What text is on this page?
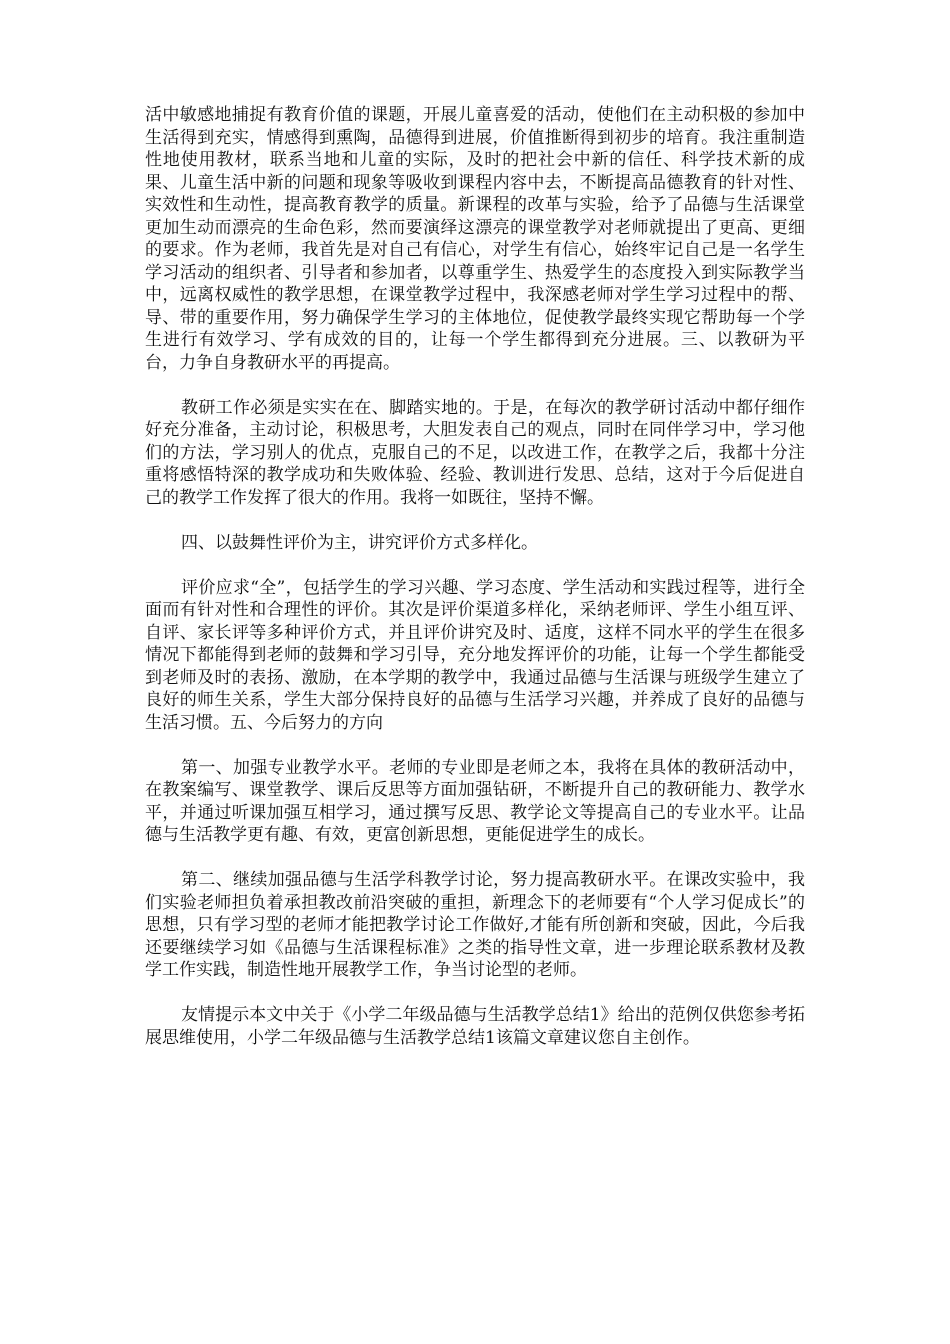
活中敏感地捕捉有教育价值的课题，开展儿童喜爱的活动，使他们在主动积极的参加中生活得到充实，情感得到熏陶，品德得到进展，价值推断得到初步的培育。我注重制造性地使用教材，联系当地和儿童的实际，及时的把社会中新的信任、科学技术新的成果、儿童生活中新的问题和现象等吸收到课程内容中去，不断提高品德教育的针对性、实效性和生动性，提高教育教学的质量。新课程的改革与实验，给予了品德与生活课堂更加生动而漂亮的生命色彩，然而要演绎这漂亮的课堂教学对老师就提出了更高、更细的要求。作为老师，我首先是对自己有信心，对学生有信心，始终牢记自己是一名学生学习活动的组织者、引导者和参加者，以尊重学生、热爱学生的态度投入到实际教学当中，远离权威性的教学思想，在课堂教学过程中，我深感老师对学生学习过程中的帮、导、带的重要作用，努力确保学生学习的主体地位，促使教学最终实现它帮助每一个学生进行有效学习、学有成效的目的，让每一个学生都得到充分进展。三、以教研为平台，力争自身教研水平的再提高。

教研工作必须是实实在在、脚踏实地的。于是，在每次的教学研讨活动中都仔细作好充分准备，主动讨论，积极思考，大胆发表自己的观点，同时在同伴学习中，学习他们的方法，学习别人的优点，克服自己的不足，以改进工作，在教学之后，我都十分注重将感悟特深的教学成功和失败体验、经验、教训进行发思、总结，这对于今后促进自己的教学工作发挥了很大的作用。我将一如既往，坚持不懈。

四、以鼓舞性评价为主，讲究评价方式多样化。

评价应求“全”，包括学生的学习兴趣、学习态度、学生活动和实践过程等，进行全面而有针对性和合理性的评价。其次是评价渠道多样化，采纳老师评、学生小组互评、自评、家长评等多种评价方式，并且评价讲究及时、适度，这样不同水平的学生在很多情况下都能得到老师的鼓舞和学习引导，充分地发挥评价的功能，让每一个学生都能受到老师及时的表扬、激励，在本学期的教学中，我通过品德与生活课与班级学生建立了良好的师生关系，学生大部分保持良好的品德与生活学习兴趣，并养成了良好的品德与生活习惯。五、今后努力的方向

第一、加强专业教学水平。老师的专业即是老师之本，我将在具体的教研活动中，在教案编写、课堂教学、课后反思等方面加强钻研，不断提升自己的教研能力、教学水平，并通过听课加强互相学习，通过撰写反思、教学论文等提高自己的专业水平。让品德与生活教学更有趣、有效，更富创新思想，更能促进学生的成长。

第二、继续加强品德与生活学科教学讨论，努力提高教研水平。在课改实验中，我们实验老师担负着承担教改前沿突破的重担，新理念下的老师要有“个人学习促成长”的思想，只有学习型的老师才能把教学讨论工作做好,才能有所创新和突破，因此，今后我还要继续学习如《品德与生活课程标准》之类的指导性文章，进一步理论联系教材及教学工作实践，制造性地开展教学工作，争当讨论型的老师。

友情提示本文中关于《小学二年级品德与生活教学总结1》给出的范例仅供您参考拓展思维使用，小学二年级品德与生活教学总结1该篇文章建议您自主创作。
